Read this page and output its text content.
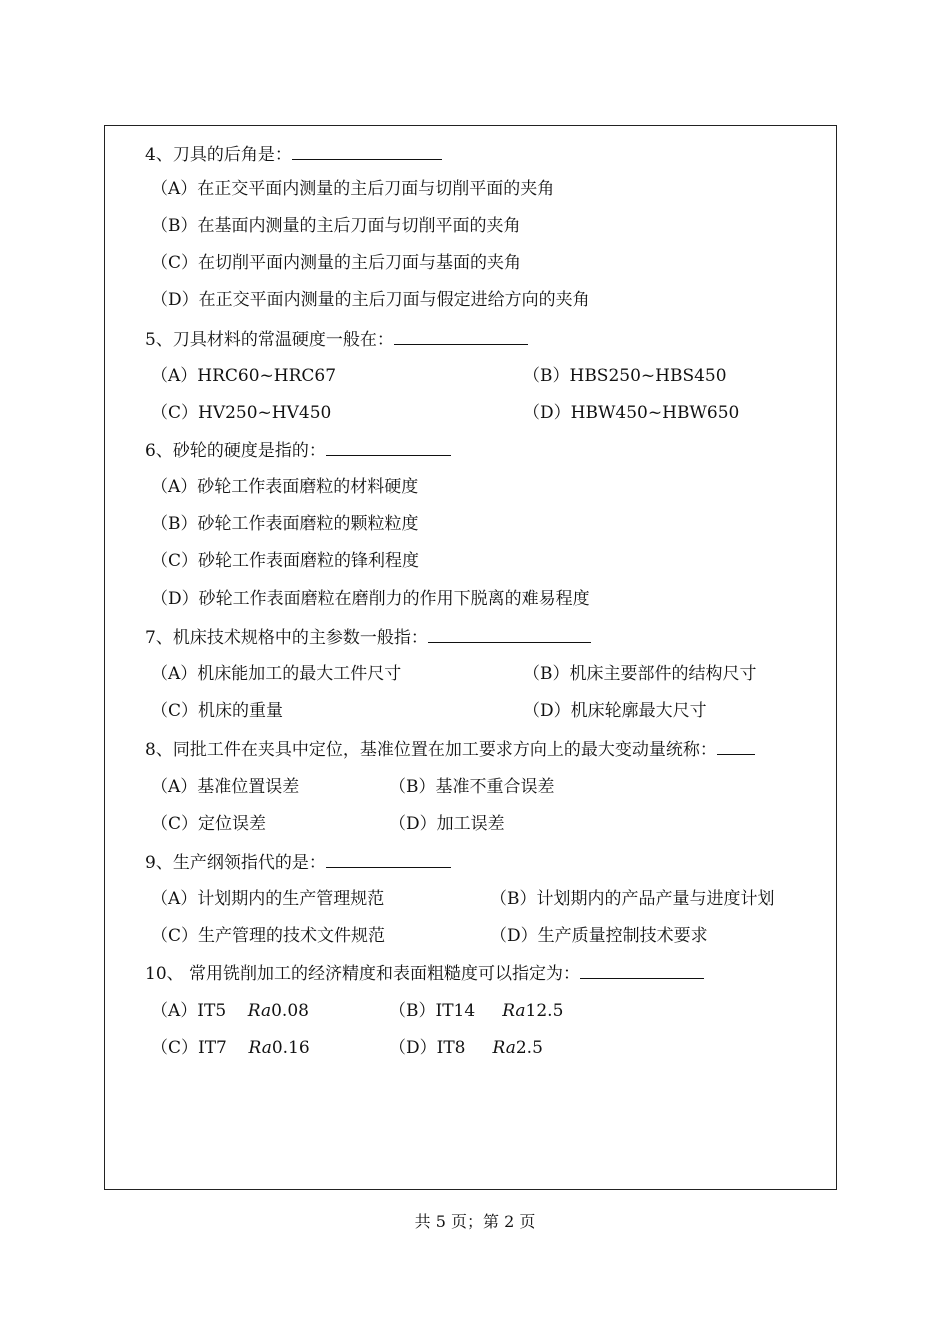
4、刀具的后角是：
（A）在正交平面内测量的主后刀面与切削平面的夹角
（B）在基面内测量的主后刀面与切削平面的夹角
（C）在切削平面内测量的主后刀面与基面的夹角
（D）在正交平面内测量的主后刀面与假定进给方向的夹角
5、刀具材料的常温硬度一般在：
（A）HRC60~HRC67	（B）HBS250~HBS450
（C）HV250~HV450	（D）HBW450~HBW650
6、砂轮的硬度是指的：
（A）砂轮工作表面磨粒的材料硬度
（B）砂轮工作表面磨粒的颗粒粒度
（C）砂轮工作表面磨粒的锋利程度
（D）砂轮工作表面磨粒在磨削力的作用下脱离的难易程度
7、机床技术规格中的主参数一般指：
（A）机床能加工的最大工件尺寸	（B）机床主要部件的结构尺寸
（C）机床的重量	（D）机床轮廓最大尺寸
8、同批工件在夹具中定位，基准位置在加工要求方向上的最大变动量统称：
（A）基准位置误差	（B）基准不重合误差
（C）定位误差	（D）加工误差
9、生产纲领指代的是：
（A）计划期内的生产管理规范	（B）计划期内的产品产量与进度计划
（C）生产管理的技术文件规范	（D）生产质量控制技术要求
10、 常用铣削加工的经济精度和表面粗糙度可以指定为：
（A）IT5 Ra0.08	（B）IT14 Ra12.5
（C）IT7 Ra0.16	（D）IT8 Ra2.5
共 5 页；第 2 页
